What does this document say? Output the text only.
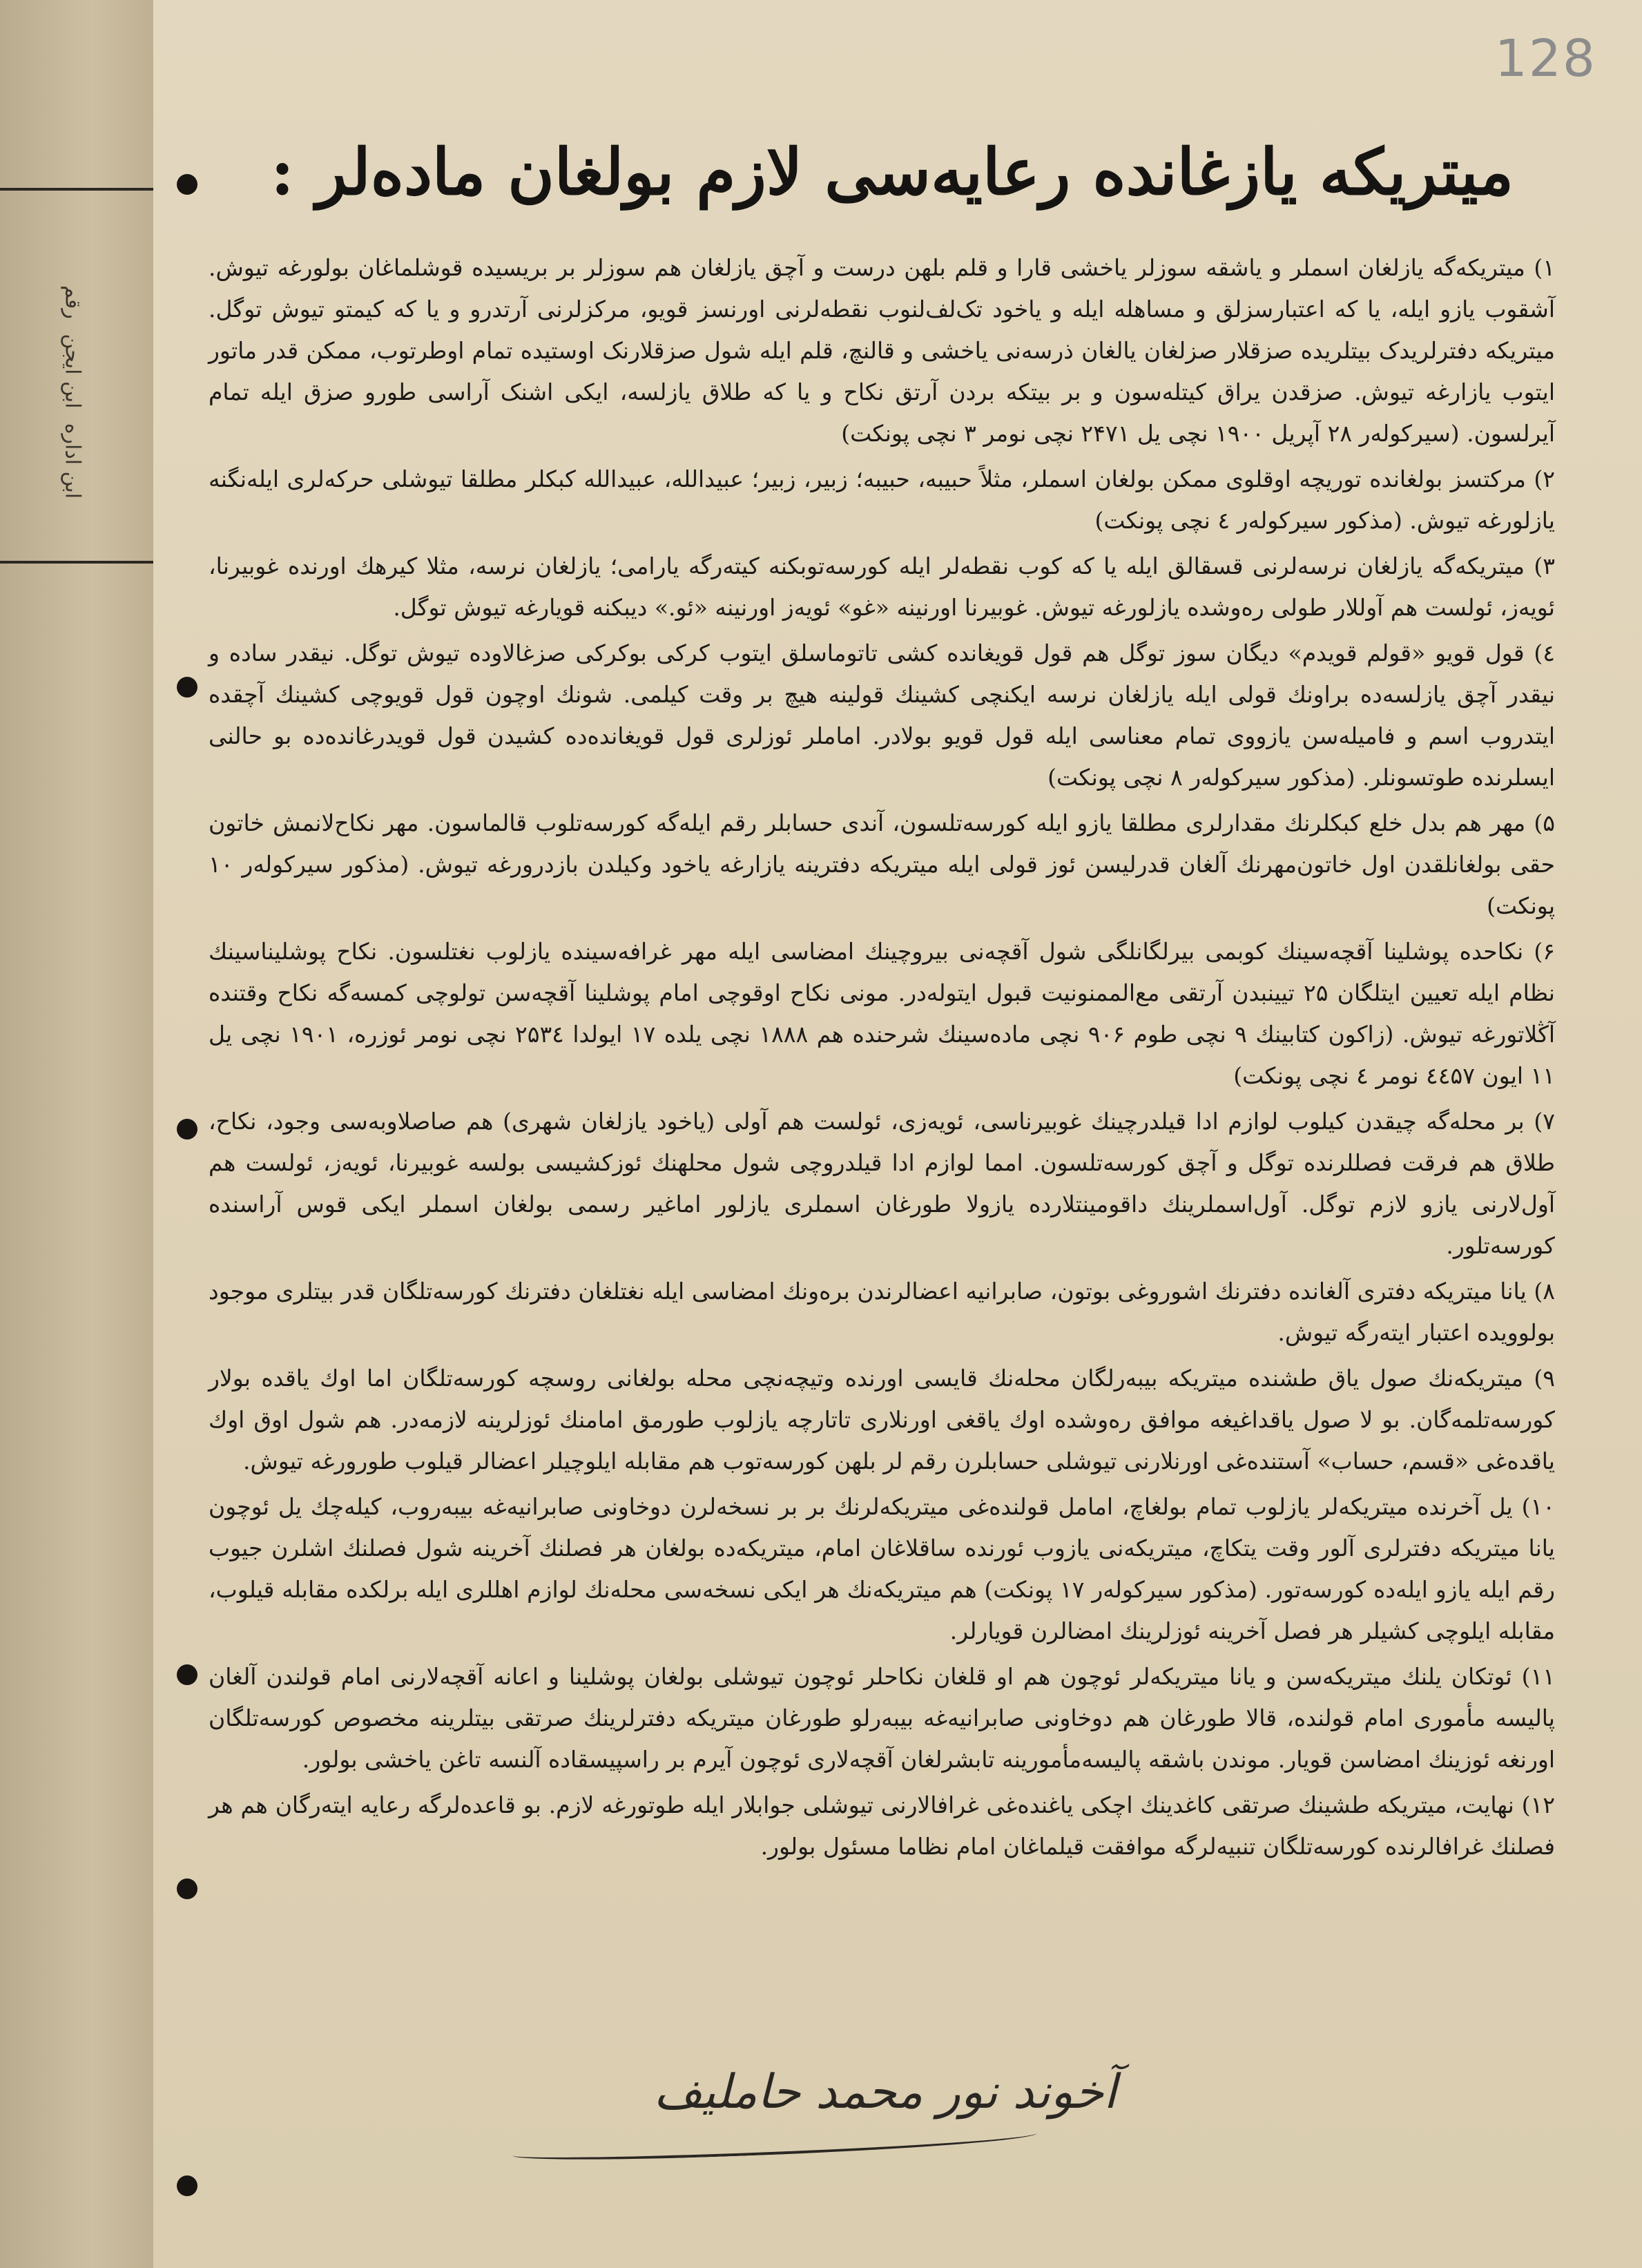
رقم
ابن ایجن
ابن اداره
128
میتریکه یازغانده رعایه‌سی لازم بولغان ماده‌لر :

۱) میتریکه‌گه یازلغان اسملر و یاشقه سوزلر یاخشی قارا و قلم بلهن درست و آچق یازلغان هم سوزلر بر بریسیده قوشلماغان بولورغه تیوش. آشقوب یازو ایله، یا که اعتبارسزلق و مساهله ایله و یاخود تک‌لف‌لنوب نقطه‌لرنی اورنسز قویو، مرکزلرنی آرتدرو و یا که کیمتو تیوش توگل. میتریکه دفترلریدک بیتلریده صزقلار صزلغان یالغان ذرسه‌نی یاخشی و قالنچ، قلم ایله شول صزقلارنک اوستیده تمام اوطرتوب، ممکن قدر ماتور ایتوب یازارغه تیوش. صزقدن یراق کیتله‌سون و بر بیتکه بردن آرتق نکاح و یا که طلاق یازلسه، ایکی اشنک آراسی طورو صزق ایله تمام آیرلسون. (سیرکوله‌ر ۲۸ آپریل ۱۹۰۰ نچی یل ۲۴۷۱ نچی نومر ۳ نچی پونکت)

۲) مرکتسز بولغانده توریچه اوقلوی ممکن بولغان اسملر، مثلاً حبیبه، حبیبه؛ زبیر، زبیر؛ عبیدالله، عبیدالله کبکلر مطلقا تیوشلی حرکه‌لری ایله‌نگنه یازلورغه تیوش. (مذکور سیرکوله‌ر ٤ نچی پونکت)

۳) میتریکه‌گه یازلغان نرسه‌لرنی قسقالق ایله یا که کوب نقطه‌لر ایله کورسه‌توبکنه کیته‌رگه یارامی؛ یازلغان نرسه، مثلا کیرهك اورنده غوبیرنا، ئویه‌ز، ئولست هم آوللار طولی ره‌وشده یازلورغه تیوش. غوبیرنا اورنینه «غو» ئویه‌ز اورنینه «ئو.» دیبکنه قویارغه تیوش توگل.

٤) قول قویو «قولم قویدم» دیگان سوز توگل هم قول قویغانده کشی تاتوماسلق ایتوب کرکی بوکرکی صزغالاوده تیوش توگل. نیقدر ساده و نیقدر آچق یازلسه‌ده براونك قولی ایله یازلغان نرسه ایکنچی کشینك قولینه هیچ بر وقت کیلمی. شونك اوچون قول قویوچی کشینك آچقده ایتدروب اسم و فامیله‌سن یازووی تمام معناسی ایله قول قویو بولادر. اماملر ئوزلری قول قویغانده‌ده کشیدن قول قویدرغانده‌ده بو حالنی ایسلرنده طوتسونلر. (مذکور سیرکوله‌ر ۸ نچی پونکت)

۵) مهر هم بدل خلع کبکلرنك مقدارلری مطلقا یازو ایله کورسه‌تلسون، آندی حسابلر رقم ایله‌گه کورسه‌تلوب قالماسون. مهر نکاح‌لانمش خاتون حقی بولغانلقدن اول خاتون‌مهرنك آلغان قدرلیسن ئوز قولی ایله میتریکه دفترینه یازارغه یاخود وکیلدن بازدرورغه تیوش. (مذکور سیرکوله‌ر ۱۰ پونکت)

۶) نکاحده پوشلینا آقچه‌سینك کوبمی بیرلگانلگی شول آقچه‌نی بیروچینك امضاسی ایله مهر غرافه‌سینده یازلوب نغتلسون. نکاح پوشلیناسینك نظام ایله تعیین ایتلگان ۲۵ تیینبدن آرتقی مع‌الممنونیت قبول ایتوله‌در. مونی نکاح اوقوچی امام پوشلینا آقچه‌سن تولوچی کمسه‌گه نکاح وقتنده آڭلاتورغه تیوش. (زاکون کتابینك ۹ نچی طوم ۹۰۶ نچی ماده‌سینك شرحنده هم ۱۸۸۸ نچی یلده ۱۷ ایولدا ۲۵۳٤ نچی نومر ئوزره، ۱۹۰۱ نچی یل ۱۱ ایون ٤٤۵۷ نومر ٤ نچی پونکت)

۷) بر محله‌گه چیقدن کیلوب لوازم ادا قیلدرچینك غوبیرناسی، ئویه‌زی، ئولست هم آولی (یاخود یازلغان شهری) هم صاصلاوبه‌سی وجود، نکاح، طلاق هم فرقت فصللرنده توگل و آچق کورسه‌تلسون. امما لوازم ادا قیلدروچی شول محلهنك ئوزکشیسی بولسه غوبیرنا، ئویه‌ز، ئولست هم آول‌لارنی یازو لازم توگل. آول‌اسملرینك داقومینتلارده یازولا طورغان اسملری یازلور اماغیر رسمی بولغان اسملر ایکی قوس آراسنده کورسه‌تلور.

۸) یانا میتریکه دفتری آلغانده دفترنك اشوروغی بوتون، صابرانیه اعضالرندن بره‌ونك امضاسی ایله نغتلغان دفترنك کورسه‌تلگان قدر بیتلری موجود بولوویده اعتبار ایته‌رگه تیوش.

۹) میتریکه‌نك صول یاق طشنده میتریکه بیبه‌رلگان محله‌نك قایسی اورنده وتیچه‌نچی محله بولغانی روسچه کورسه‌تلگان اما اوك یاقده بولار کورسه‌تلمه‌گان. بو لا صول یاقداغیغه موافق ره‌وشده اوك یاقغی اورنلاری تاتارچه یازلوب طورمق امامنك ئوزلرینه لازمه‌در. هم شول اوق اوك یاقده‌غی «قسم، حساب» آستنده‌غی اورنلارنی تیوشلی حسابلرن رقم لر بلهن کورسه‌توب هم مقابله ایلوچیلر اعضالر قیلوب طورورغه تیوش.

۱۰) یل آخرنده میتریکه‌لر یازلوب تمام بولغاچ، امامل قولنده‌غی میتریکه‌لرنك بر بر نسخه‌لرن دوخاونی صابرانیه‌غه بیبه‌روب، کیله‌چك یل ئوچون یانا میتریکه دفترلری آلور وقت یتکاچ، میتریکه‌نی یازوب ئورنده ساقلاغان امام، میتریکه‌ده بولغان هر فصلنك آخرینه شول فصلنك اشلرن جیوب رقم ایله یازو ایله‌ده کورسه‌تور. (مذکور سیرکوله‌ر ۱۷ پونکت) هم میتریکه‌نك هر ایکی نسخه‌سی محله‌نك لوازم اهللری ایله برلکده مقابله قیلوب، مقابله ایلوچی کشیلر هر فصل آخرینه ئوزلرینك امضالرن قویارلر.

۱۱) ئوتکان یلنك میتریکه‌سن و یانا میتریکه‌لر ئوچون هم او قلغان نکاحلر ئوچون تیوشلی بولغان پوشلینا و اعانه آقچه‌لارنی امام قولندن آلغان پالیسه مأموری امام قولنده، قالا طورغان هم دوخاونی صابرانیه‌غه بیبه‌رلو طورغان میتریکه دفترلرینك صرتقی بیتلرینه مخصوص کورسه‌تلگان اورنغه ئوزینك امضاسن قویار. موندن باشقه پالیسه‌مأمورینه تابشرلغان آقچه‌لاری ئوچون آیرم بر راسپیسقاده آلنسه تاغن یاخشی بولور.

۱۲) نهایت، میتریکه طشینك صرتقی کاغدینك اچکی یاغنده‌غی غرافالارنی تیوشلی جوابلار ایله طوتورغه لازم. بو قاعده‌لرگه رعایه ایته‌رگان هم هر فصلنك غرافالرنده کورسه‌تلگان تنبیه‌لرگه موافقت قیلماغان امام نظاما مسئول بولور.

آخوند نور محمد حاملیف
